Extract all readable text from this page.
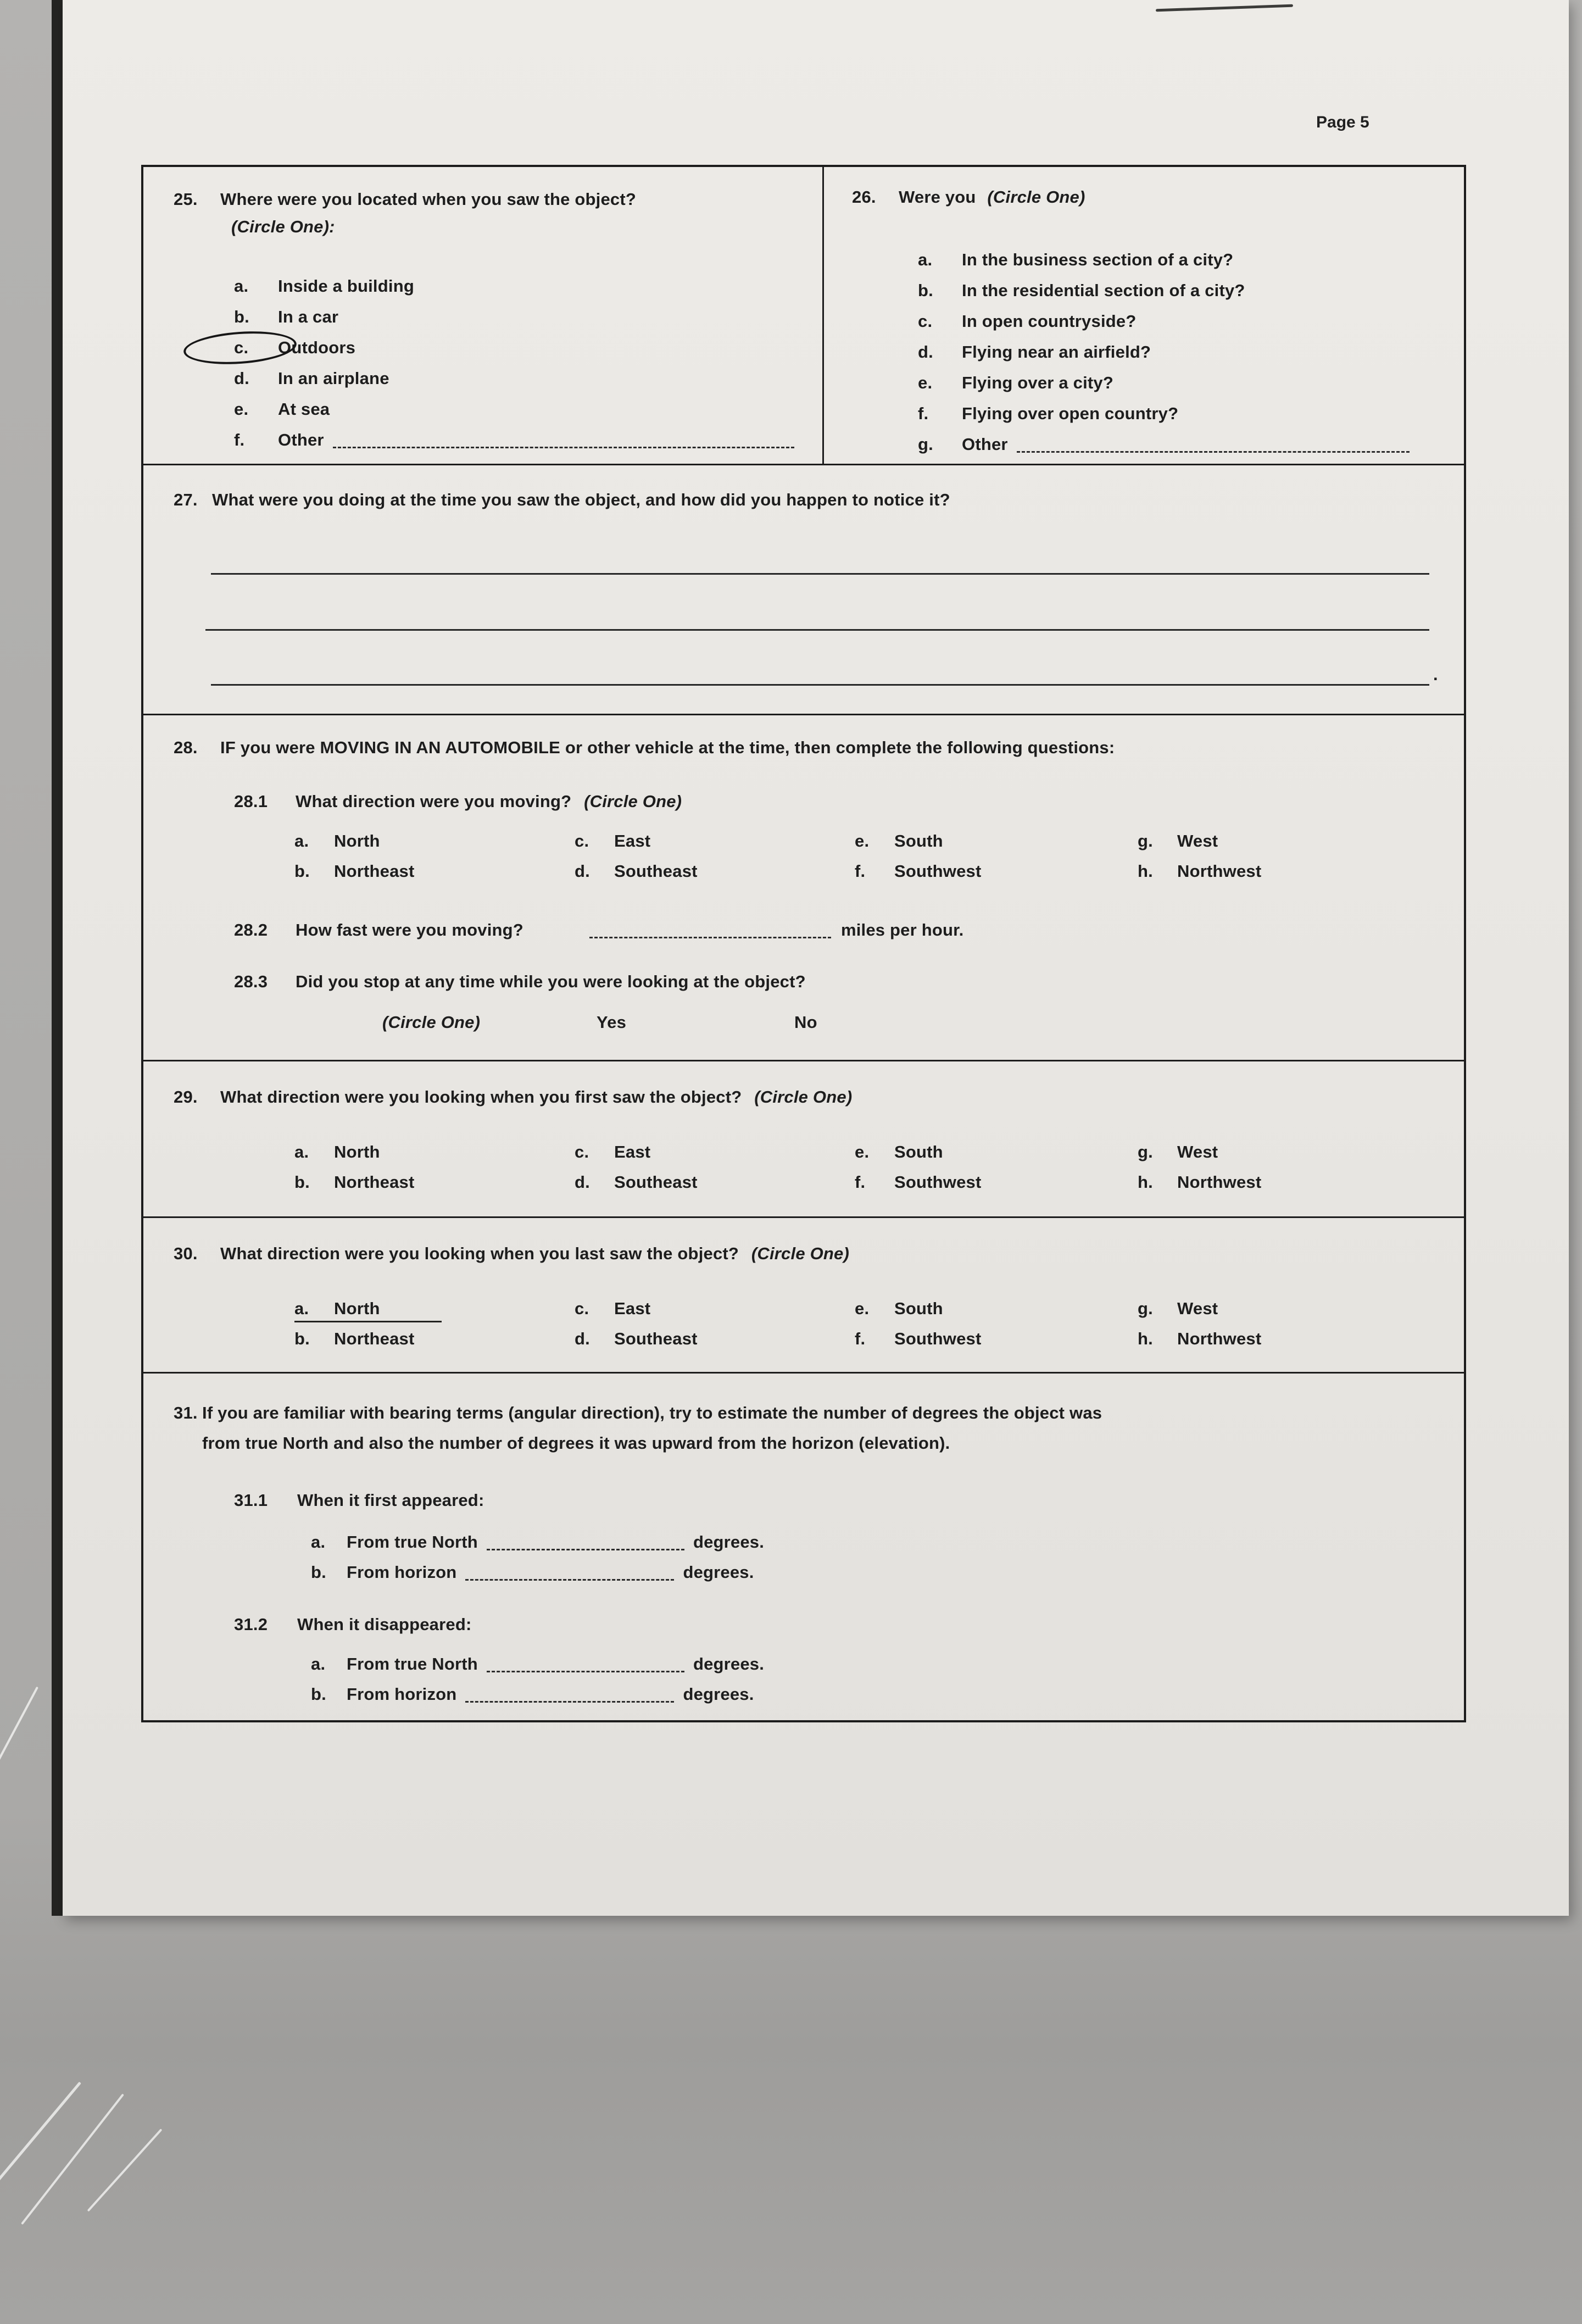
Page 5
25.	Where were you located when you saw the object?
(Circle One):
a.	Inside a building
b.	In a car
c.	Outdoors
d.	In an airplane
e.	At sea
f.	Other
26.	Were you (Circle One)
a.	In the business section of a city?
b.	In the residential section of a city?
c.	In open countryside?
d.	Flying near an airfield?
e.	Flying over a city?
f.	Flying over open country?
g.	Other
27. What were you doing at the time you saw the object, and how did you happen to notice it?
.
28.	IF you were MOVING IN AN AUTOMOBILE or other vehicle at the time, then complete the following questions:
28.1	What direction were you moving? (Circle One)
a.	North	c.	East	e.	South	g.	West
b.	Northeast	d.	Southeast	f.	Southwest	h.	Northwest
28.2	How fast were you moving?	miles per hour.
28.3	Did you stop at any time while you were looking at the object?
(Circle One)	Yes	No
29.	What direction were you looking when you first saw the object? (Circle One)
a.	North	c.	East	e.	South	g.	West
b.	Northeast	d.	Southeast	f.	Southwest	h.	Northwest
30.	What direction were you looking when you last saw the object? (Circle One)
a.	North	c.	East	e.	South	g.	West
b.	Northeast	d.	Southeast	f.	Southwest	h.	Northwest
31. If you are familiar with bearing terms (angular direction), try to estimate the number of degrees the object was
from true North and also the number of degrees it was upward from the horizon (elevation).
31.1	When it first appeared:
a.	From true North	degrees.
b.	From horizon	degrees.
31.2	When it disappeared:
a.	From true North	degrees.
b.	From horizon	degrees.
